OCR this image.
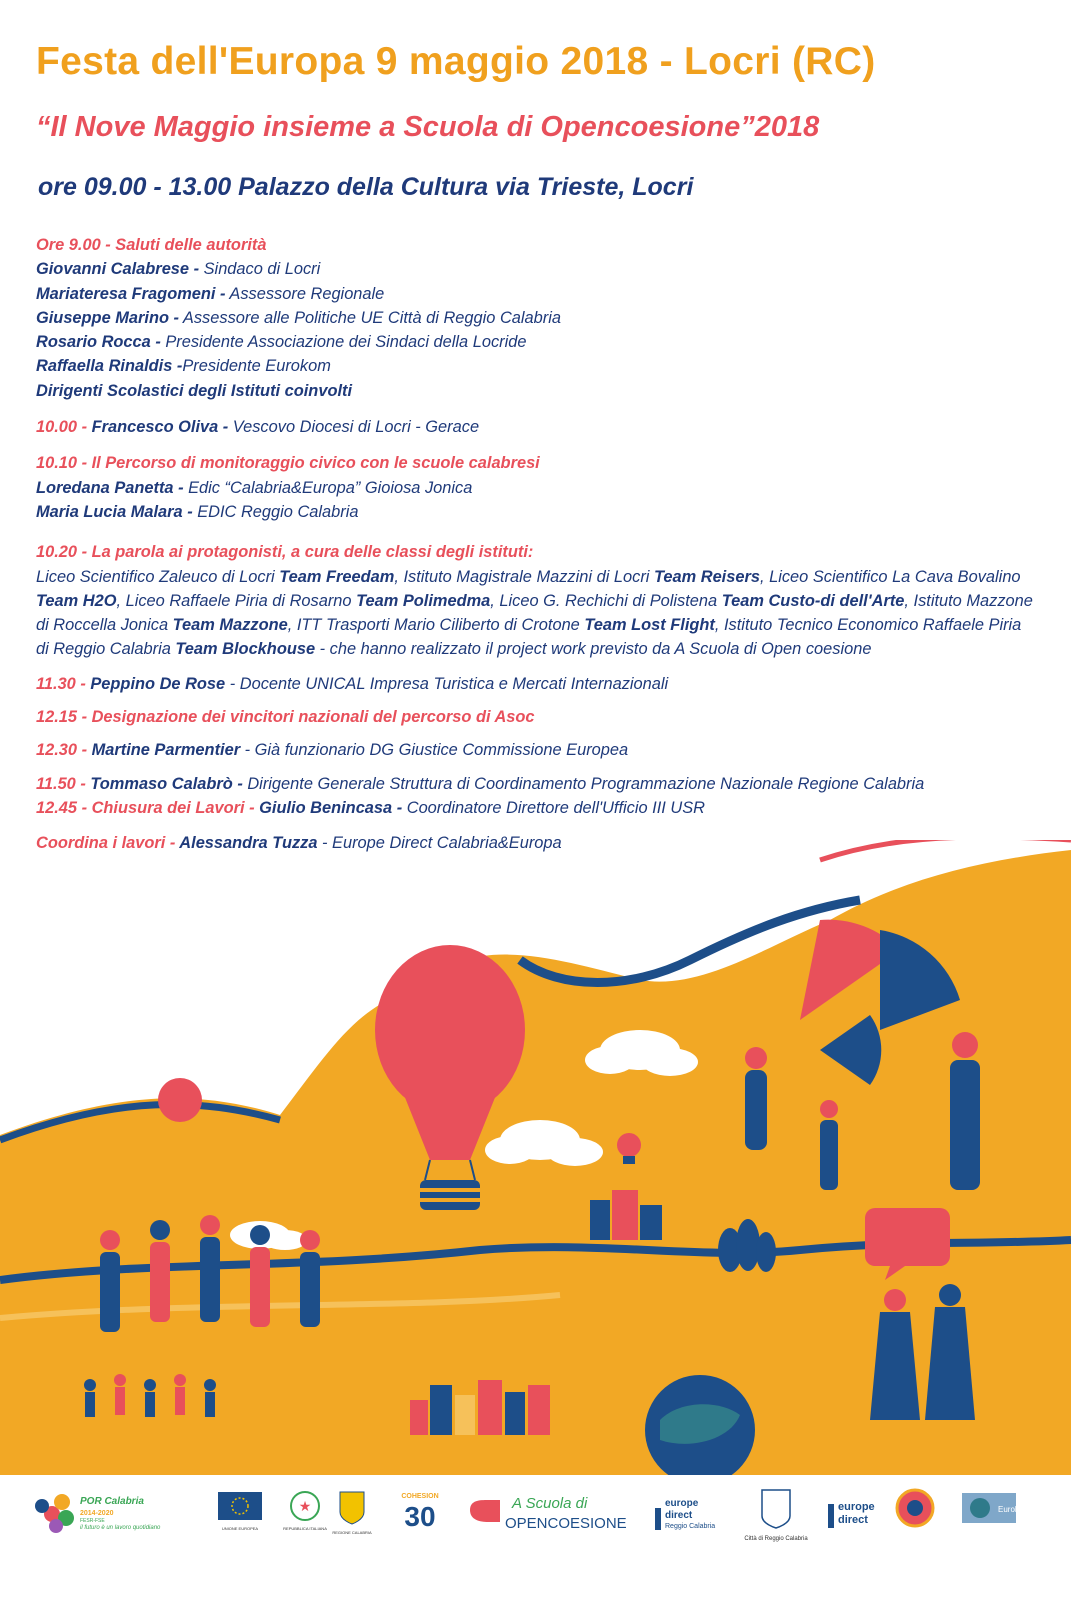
Festa dell'Europa 9 maggio 2018 - Locri (RC)
“Il Nove Maggio insieme a Scuola di Opencoesione”2018
ore 09.00 - 13.00 Palazzo della Cultura via Trieste, Locri
Ore 9.00 - Saluti delle autorità
Giovanni Calabrese - Sindaco di Locri
Mariateresa Fragomeni - Assessore Regionale
Giuseppe Marino - Assessore alle Politiche UE Città di Reggio Calabria
Rosario Rocca - Presidente Associazione dei Sindaci della Locride
Raffaella Rinaldis -Presidente Eurokom
Dirigenti Scolastici degli Istituti coinvolti
10.00 - Francesco Oliva - Vescovo Diocesi di Locri - Gerace
10.10 - Il Percorso di monitoraggio civico con le scuole calabresi
Loredana Panetta - Edic “Calabria&Europa” Gioiosa Jonica
Maria Lucia Malara - EDIC Reggio Calabria
10.20 - La parola ai protagonisti, a cura delle classi degli istituti:
Liceo Scientifico Zaleuco di Locri Team Freedam, Istituto Magistrale Mazzini di Locri Team Reisers, Liceo Scientifico La Cava Bovalino Team H2O, Liceo Raffaele Piria di Rosarno Team Polimedma, Liceo G. Rechichi di Polistena Team Custo-di dell'Arte, Istituto Mazzone di Roccella Jonica Team Mazzone, ITT Trasporti Mario Ciliberto di Crotone Team Lost Flight, Istituto Tecnico Economico Raffaele Piria di Reggio Calabria Team Blockhouse - che hanno realizzato il project work previsto da A Scuola di Open coesione
11.30 - Peppino De Rose - Docente UNICAL Impresa Turistica e Mercati Internazionali
12.15 - Designazione dei vincitori nazionali del percorso di Asoc
12.30 - Martine Parmentier - Già funzionario DG Giustice Commissione Europea
11.50 - Tommaso Calabrò - Dirigente Generale Struttura di Coordinamento Programmazione Nazionale Regione Calabria
12.45 - Chiusura dei Lavori - Giulio Benincasa - Coordinatore Direttore dell'Ufficio III USR
Coordina i lavori - Alessandra Tuzza - Europe Direct Calabria&Europa
POR Calabria
2014-2020
FESR-FSE
il futuro è un lavoro quotidiano	UNIONE EUROPEA
★
REPUBBLICA ITALIANA
REGIONE CALABRIA
COHESION
30	A Scuola di
OPENCOESIONE
europe
direct
Reggio Calabria
Città di Reggio Calabria
europe
direct
Eurokom
